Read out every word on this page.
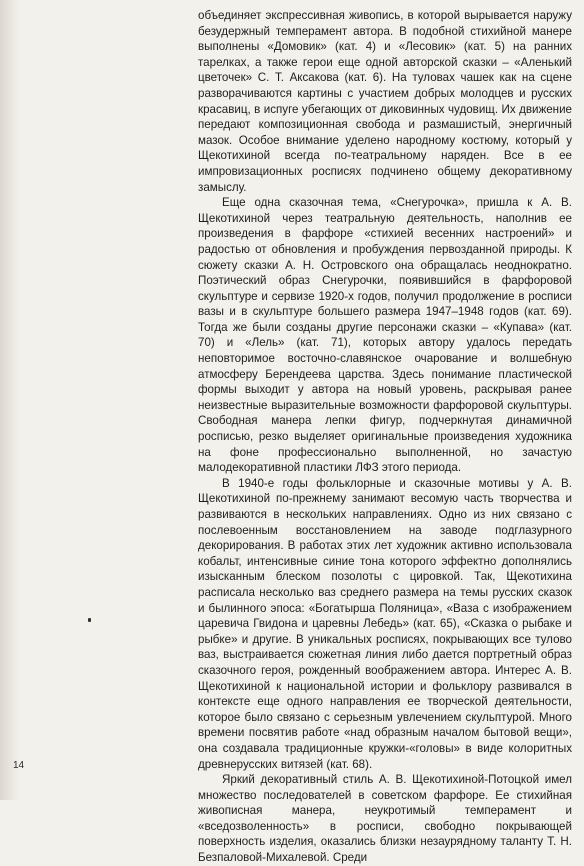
объединяет экспрессивная живопись, в которой вырывается наружу безудержный темперамент автора. В подобной стихийной манере выполнены «Домовик» (кат. 4) и «Лесовик» (кат. 5) на ранних тарелках, а также герои еще одной авторской сказки – «Аленький цветочек» С. Т. Аксакова (кат. 6). На туловах чашек как на сцене разворачиваются картины с участием добрых молодцев и русских красавиц, в испуге убегающих от диковинных чудовищ. Их движение передают композиционная свобода и размашистый, энергичный мазок. Особое внимание уделено народному костюму, который у Щекотихиной всегда по-театральному наряден. Все в ее импровизационных росписях подчинено общему декоративному замыслу.

Еще одна сказочная тема, «Снегурочка», пришла к А. В. Щекотихиной через театральную деятельность, наполнив ее произведения в фарфоре «стихией весенних настроений» и радостью от обновления и пробуждения первозданной природы. К сюжету сказки А. Н. Островского она обращалась неоднократно. Поэтический образ Снегурочки, появившийся в фарфоровой скульптуре и сервизе 1920-х годов, получил продолжение в росписи вазы и в скульптуре большего размера 1947–1948 годов (кат. 69). Тогда же были созданы другие персонажи сказки – «Купава» (кат. 70) и «Лель» (кат. 71), которых автору удалось передать неповторимое восточно-славянское очарование и волшебную атмосферу Берендеева царства. Здесь понимание пластической формы выходит у автора на новый уровень, раскрывая ранее неизвестные выразительные возможности фарфоровой скульптуры. Свободная манера лепки фигур, подчеркнутая динамичной росписью, резко выделяет оригинальные произведения художника на фоне профессионально выполненной, но зачастую малодекоративной пластики ЛФЗ этого периода.

В 1940-е годы фольклорные и сказочные мотивы у А. В. Щекотихиной по-прежнему занимают весомую часть творчества и развиваются в нескольких направлениях. Одно из них связано с послевоенным восстановлением на заводе подглазурного декорирования. В работах этих лет художник активно использовала кобальт, интенсивные синие тона которого эффектно дополнялись изысканным блеском позолоты с цировкой. Так, Щекотихина расписала несколько ваз среднего размера на темы русских сказок и былинного эпоса: «Богатырша Поляница», «Ваза с изображением царевича Гвидона и царевны Лебедь» (кат. 65), «Сказка о рыбаке и рыбке» и другие. В уникальных росписях, покрывающих все тулово ваз, выстраивается сюжетная линия либо дается портретный образ сказочного героя, рожденный воображением автора. Интерес А. В. Щекотихиной к национальной истории и фольклору развивался в контексте еще одного направления ее творческой деятельности, которое было связано с серьезным увлечением скульптурой. Много времени посвятив работе «над образным началом бытовой вещи», она создавала традиционные кружки-«головы» в виде колоритных древнерусских витязей (кат. 68).

Яркий декоративный стиль А. В. Щекотихиной-Потоцкой имел множество последователей в советском фарфоре. Ее стихийная живописная манера, неукротимый темперамент и «вседозволенность» в росписи, свободно покрывающей поверхность изделия, оказались близки незаурядному таланту Т. Н. Безпаловой-Михалевой. Среди

14
